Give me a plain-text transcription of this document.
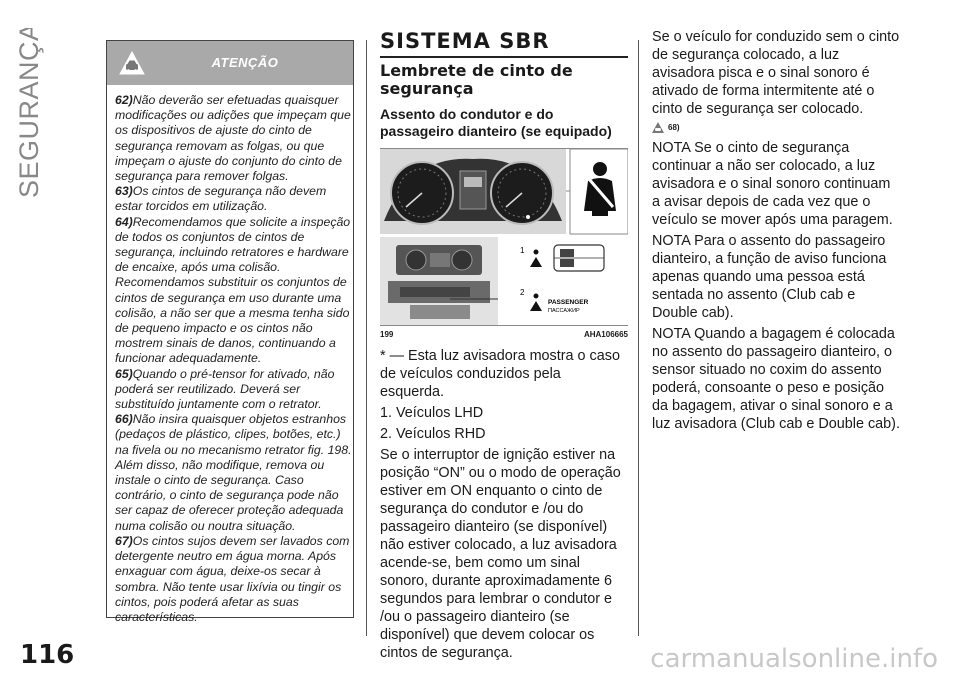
SEGURANÇA	ATENÇÃO

62)Não deverão ser efetuadas quaisquer modificações ou adições que impeçam que os dispositivos de ajuste do cinto de segurança removam as folgas, ou que impeçam o ajuste do conjunto do cinto de segurança para remover folgas.

63)Os cintos de segurança não devem estar torcidos em utilização.

64)Recomendamos que solicite a inspeção de todos os conjuntos de cintos de segurança, incluindo retratores e hardware de encaixe, após uma colisão. Recomendamos substituir os conjuntos de cintos de segurança em uso durante uma colisão, a não ser que a mesma tenha sido de pequeno impacto e os cintos não mostrem sinais de danos, continuando a funcionar adequadamente.

65)Quando o pré-tensor for ativado, não poderá ser reutilizado. Deverá ser substituído juntamente com o retrator.

66)Não insira quaisquer objetos estranhos (pedaços de plástico, clipes, botões, etc.) na fivela ou no mecanismo retrator fig. 198. Além disso, não modifique, remova ou instale o cinto de segurança. Caso contrário, o cinto de segurança pode não ser capaz de oferecer proteção adequada numa colisão ou noutra situação.

67)Os cintos sujos devem ser lavados com detergente neutro em água morna. Após enxaguar com água, deixe-os secar à sombra. Não tente usar lixívia ou tingir os cintos, pois poderá afetar as suas características.

SISTEMA SBR
Lembrete de cinto de segurança
Assento do condutor e do passageiro dianteiro (se equipado)
1
2
PASSENGER
ПАССАЖИР
199	AHA106665

* — Esta luz avisadora mostra o caso de veículos conduzidos pela esquerda.

1. Veículos LHD

2. Veículos RHD

Se o interruptor de ignição estiver na posição “ON” ou o modo de operação estiver em ON enquanto o cinto de segurança do condutor e /ou do passageiro dianteiro (se disponível) não estiver colocado, a luz avisadora acende-se, bem como um sinal sonoro, durante aproximadamente 6 segundos para lembrar o condutor e /ou o passageiro dianteiro (se disponível) que devem colocar os cintos de segurança.

Se o veículo for conduzido sem o cinto de segurança colocado, a luz avisadora pisca e o sinal sonoro é ativado de forma intermitente até o cinto de segurança ser colocado.

68)

NOTA Se o cinto de segurança continuar a não ser colocado, a luz avisadora e o sinal sonoro continuam a avisar depois de cada vez que o veículo se mover após uma paragem.

NOTA Para o assento do passageiro dianteiro, a função de aviso funciona apenas quando uma pessoa está sentada no assento (Club cab e Double cab).

NOTA Quando a bagagem é colocada no assento do passageiro dianteiro, o sensor situado no coxim do assento poderá, consoante o peso e posição da bagagem, ativar o sinal sonoro e a luz avisadora (Club cab e Double cab).

116	carmanualsonline.info
